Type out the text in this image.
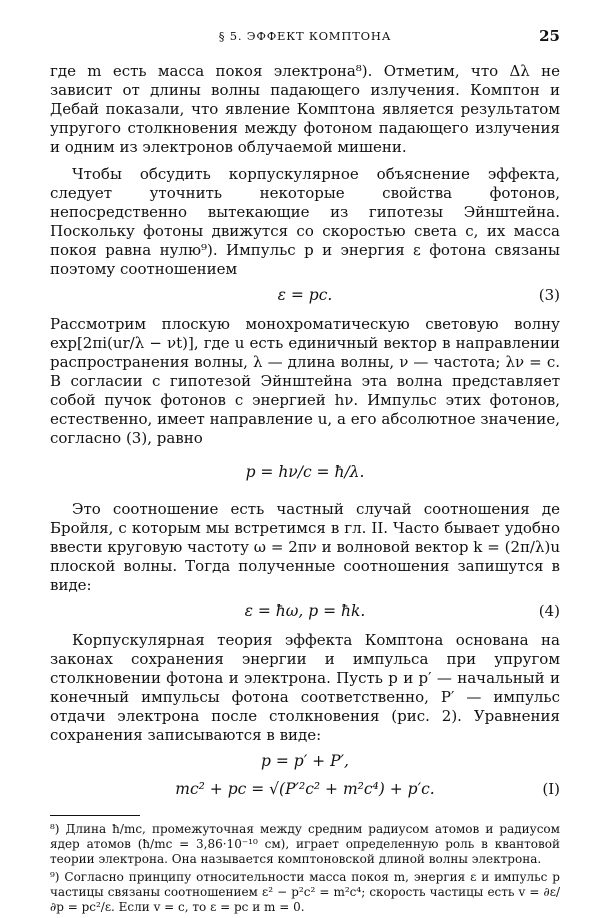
§ 5. ЭФФЕКТ КОМПТОНА	25

где m есть масса покоя электрона⁸). Отметим, что Δλ не зависит от длины волны падающего излучения. Комптон и Дебай показали, что явление Комптона является результатом упругого столкновения между фотоном падающего излучения и одним из электронов облучаемой мишени.

Чтобы обсудить корпускулярное объяснение эффекта, следует уточнить некоторые свойства фотонов, непосредственно вытекающие из гипотезы Эйнштейна. Поскольку фотоны движутся со скоростью света c, их масса покоя равна нулю⁹). Импульс p и энергия ε фотона связаны поэтому соотношением

ε = pc.	(3)

Рассмотрим плоскую монохроматическую световую волну exp[2πi(ur/λ − νt)], где u есть единичный вектор в направлении распространения волны, λ — длина волны, ν — частота; λν = c. В согласии с гипотезой Эйнштейна эта волна представляет собой пучок фотонов с энергией hν. Импульс этих фотонов, естественно, имеет направление u, а его абсолютное значение, согласно (3), равно

p = hν/c = ħ/λ.

Это соотношение есть частный случай соотношения де Бройля, с которым мы встретимся в гл. II. Часто бывает удобно ввести круговую частоту ω = 2πν и волновой вектор k = (2π/λ)u плоской волны. Тогда полученные соотношения запишутся в виде:

ε = ħω, p = ħk.	(4)

Корпускулярная теория эффекта Комптона основана на законах сохранения энергии и импульса при упругом столкновении фотона и электрона. Пусть p и p′ — начальный и конечный импульсы фотона соответственно, P′ — импульс отдачи электрона после столкновения (рис. 2). Уравнения сохранения записываются в виде:

p = p′ + P′,
mc² + pc = √(P′²c² + m²c⁴) + p′c.	(I)
⁸) Длина ħ/mc, промежуточная между средним радиусом атомов и радиусом ядер атомов (ħ/mc = 3,86·10⁻¹⁰ см), играет определенную роль в квантовой теории электрона. Она называется комптоновской длиной волны электрона.
⁹) Согласно принципу относительности масса покоя m, энергия ε и импульс p частицы связаны соотношением ε² − p²c² = m²c⁴; скорость частицы есть v = ∂ε/∂p = pc²/ε. Если v = c, то ε = pc и m = 0.
